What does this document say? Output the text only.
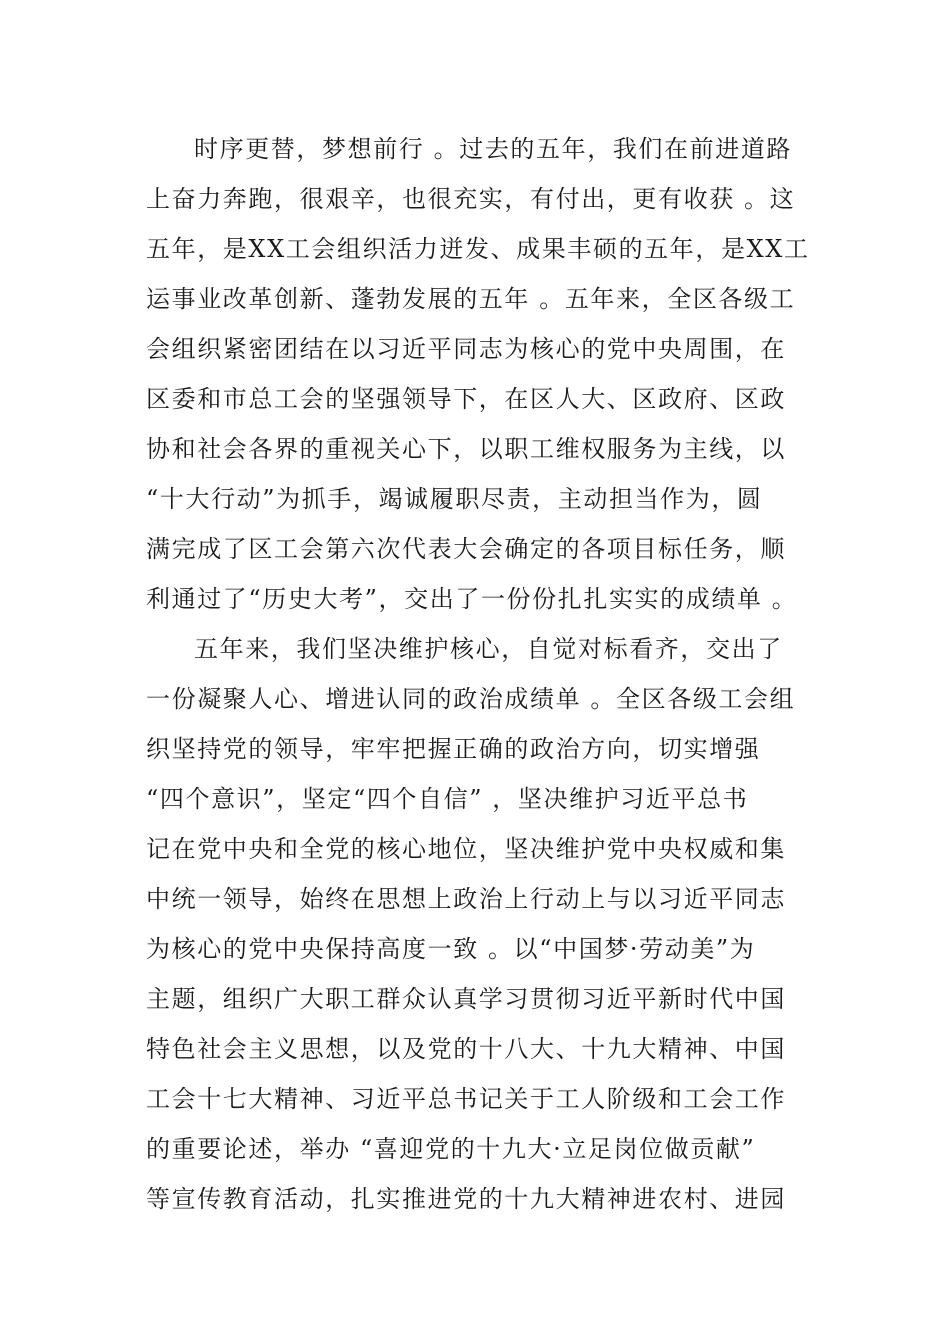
时序更替，梦想前行 。过去的五年，我们在前进道路
上奋力奔跑，很艰辛，也很充实，有付出，更有收获 。这
五年，是XX工会组织活力迸发、成果丰硕的五年，是XX工
运事业改革创新、蓬勃发展的五年 。五年来，全区各级工
会组织紧密团结在以习近平同志为核心的党中央周围，在
区委和市总工会的坚强领导下，在区人大、区政府、区政
协和社会各界的重视关心下，以职工维权服务为主线，以
“十大行动”为抓手，竭诚履职尽责，主动担当作为，圆
满完成了区工会第六次代表大会确定的各项目标任务，顺
利通过了“历史大考”，交出了一份份扎扎实实的成绩单 。
五年来，我们坚决维护核心，自觉对标看齐，交出了
一份凝聚人心、增进认同的政治成绩单 。全区各级工会组
织坚持党的领导，牢牢把握正确的政治方向，切实增强
“四个意识”，坚定“四个自信” ，坚决维护习近平总书
记在党中央和全党的核心地位，坚决维护党中央权威和集
中统一领导，始终在思想上政治上行动上与以习近平同志
为核心的党中央保持高度一致 。以“中国梦·劳动美”为
主题，组织广大职工群众认真学习贯彻习近平新时代中国
特色社会主义思想，以及党的十八大、十九大精神、中国
工会十七大精神、习近平总书记关于工人阶级和工会工作
的重要论述，举办 “喜迎党的十九大·立足岗位做贡献”
等宣传教育活动，扎实推进党的十九大精神进农村、进园
